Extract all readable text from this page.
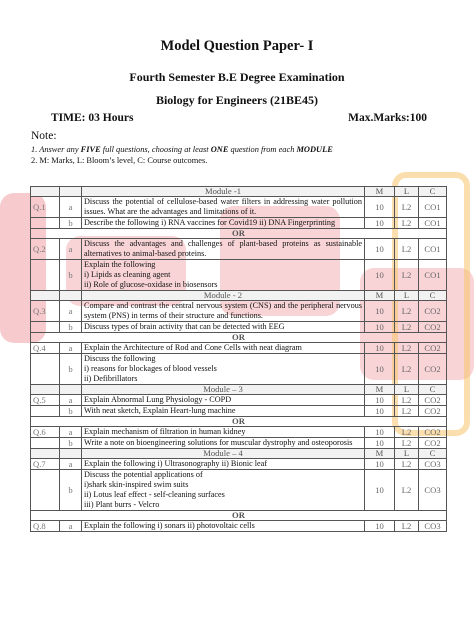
Model Question Paper- I
Fourth Semester B.E Degree Examination
Biology for Engineers (21BE45)
TIME: 03 Hours	Max.Marks:100
Note:
1. Answer any FIVE full questions, choosing at least ONE question from each MODULE
2. M: Marks, L: Bloom’s level, C: Course outcomes.
		Module -1	M	L	C
Q.1	a	Discuss the potential of cellulose-based water filters in addressing water pollution issues. What are the advantages and limitations of it.	10	L2	CO1
	b	Describe the following i) RNA vaccines for Covid19 ii) DNA Fingerprinting	10	L2	CO1
OR					
Q.2	a	Discuss the advantages and challenges of plant-based proteins as sustainable alternatives to animal-based proteins.	10	L2	CO1
	b	Explain the following
i) Lipids as cleaning agent
ii) Role of glucose-oxidase in biosensors	10	L2	CO1
		Module - 2	M	L	C
Q.3	a	Compare and contrast the central nervous system (CNS) and the peripheral nervous system (PNS) in terms of their structure and functions.	10	L2	CO2
	b	Discuss types of brain activity that can be detected with EEG	10	L2	CO2
OR					
Q.4	a	Explain the Architecture of Rod and Cone Cells with neat diagram	10	L2	CO2
	b	Discuss the following
i) reasons for blockages of blood vessels
ii) Defibrillators	10	L2	CO2
		Module – 3	M	L	C
Q.5	a	Explain Abnormal Lung Physiology - COPD	10	L2	CO2
	b	With neat sketch, Explain Heart-lung machine	10	L2	CO2
OR					
Q.6	a	Explain mechanism of filtration in human kidney	10	L2	CO2
	b	Write a note on bioengineering solutions for muscular dystrophy and osteoporosis	10	L2	CO2
		Module – 4	M	L	C
Q.7	a	Explain the following i) Ultrasonography ii) Bionic leaf	10	L2	CO3
	b	Discuss the potential applications of
i)shark skin-inspired swim suits
ii) Lotus leaf effect - self-cleaning surfaces
iii) Plant burrs - Velcro	10	L2	CO3
OR					
Q.8	a	Explain the following i) sonars ii) photovoltaic cells	10	L2	CO3
